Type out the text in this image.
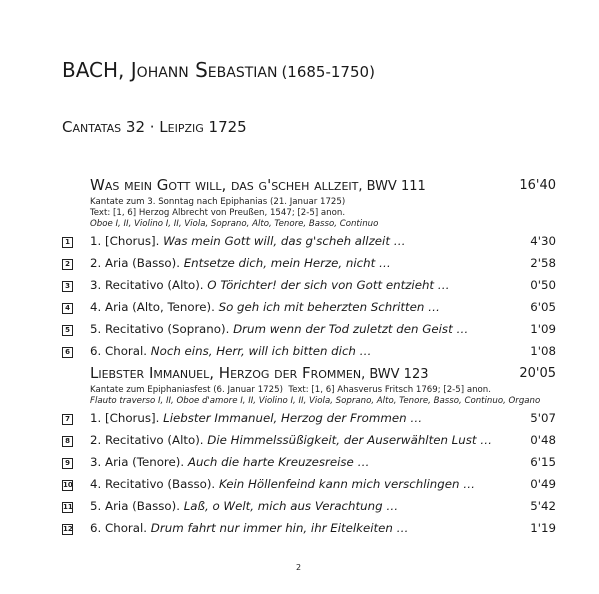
BACH, Johann Sebastian (1685-1750)
Cantatas 32 · Leipzig 1725
Was mein Gott will, das g'scheh allzeit, BWV 111	16'40
Kantate zum 3. Sonntag nach Epiphanias (21. Januar 1725)
Text: [1, 6] Herzog Albrecht von Preußen, 1547; [2-5] anon.
Oboe I, II, Violino I, II, Viola, Soprano, Alto, Tenore, Basso, Continuo
1 1. [Chorus]. Was mein Gott will, das g'scheh allzeit …	4'30
2 2. Aria (Basso). Entsetze dich, mein Herze, nicht …	2'58
3 3. Recitativo (Alto). O Törichter! der sich von Gott entzieht …	0'50
4 4. Aria (Alto, Tenore). So geh ich mit beherzten Schritten …	6'05
5 5. Recitativo (Soprano). Drum wenn der Tod zuletzt den Geist …	1'09
6 6. Choral. Noch eins, Herr, will ich bitten dich …	1'08
Liebster Immanuel, Herzog der Frommen, BWV 123	20'05
Kantate zum Epiphaniasfest (6. Januar 1725) Text: [1, 6] Ahasverus Fritsch 1769; [2-5] anon.
Flauto traverso I, II, Oboe d'amore I, II, Violino I, II, Viola, Soprano, Alto, Tenore, Basso, Continuo, Organo
7 1. [Chorus]. Liebster Immanuel, Herzog der Frommen …	5'07
8 2. Recitativo (Alto). Die Himmelssüßigkeit, der Auserwählten Lust …	0'48
9 3. Aria (Tenore). Auch die harte Kreuzesreise …	6'15
10 4. Recitativo (Basso). Kein Höllenfeind kann mich verschlingen …	0'49
11 5. Aria (Basso). Laß, o Welt, mich aus Verachtung …	5'42
12 6. Choral. Drum fahrt nur immer hin, ihr Eitelkeiten …	1'19
2
